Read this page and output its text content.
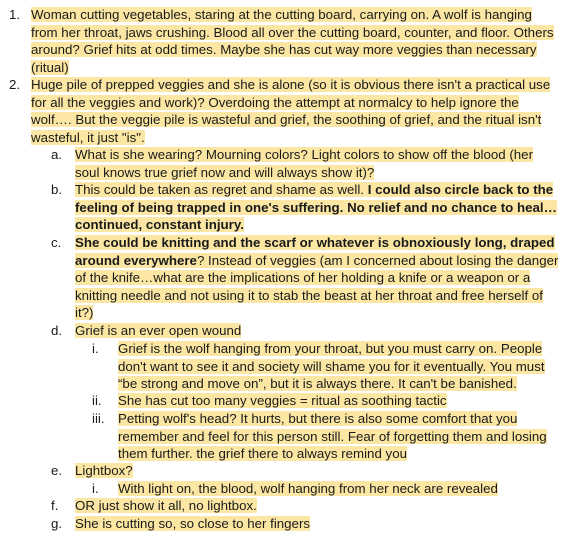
1. Woman cutting vegetables, staring at the cutting board, carrying on. A wolf is hanging from her throat, jaws crushing. Blood all over the cutting board, counter, and floor. Others around? Grief hits at odd times. Maybe she has cut way more veggies than necessary (ritual)
2. Huge pile of prepped veggies and she is alone (so it is obvious there isn't a practical use for all the veggies and work)? Overdoing the attempt at normalcy to help ignore the wolf…. But the veggie pile is wasteful and grief, the soothing of grief, and the ritual isn't wasteful, it just "is".
a. What is she wearing? Mourning colors? Light colors to show off the blood (her soul knows true grief now and will always show it)?
b. This could be taken as regret and shame as well. I could also circle back to the feeling of being trapped in one's suffering. No relief and no chance to heal…continued, constant injury.
c.	She could be knitting and the scarf or whatever is obnoxiously long, draped around everywhere? Instead of veggies (am I concerned about losing the danger of the knife…what are the implications of her holding a knife or a weapon or a knitting needle and not using it to stab the beast at her throat and free herself of it?)
d. Grief is an ever open wound
i.	Grief is the wolf hanging from your throat, but you must carry on. People don't want to see it and society will shame you for it eventually. You must “be strong and move on”, but it is always there. It can't be banished.
ii.	She has cut too many veggies = ritual as soothing tactic
iii.	Petting wolf's head? It hurts, but there is also some comfort that you remember and feel for this person still. Fear of forgetting them and losing them further. the grief there to always remind you
e. Lightbox?
i.	With light on, the blood, wolf hanging from her neck are revealed
f.	OR just show it all, no lightbox.
g. She is cutting so, so close to her fingers
